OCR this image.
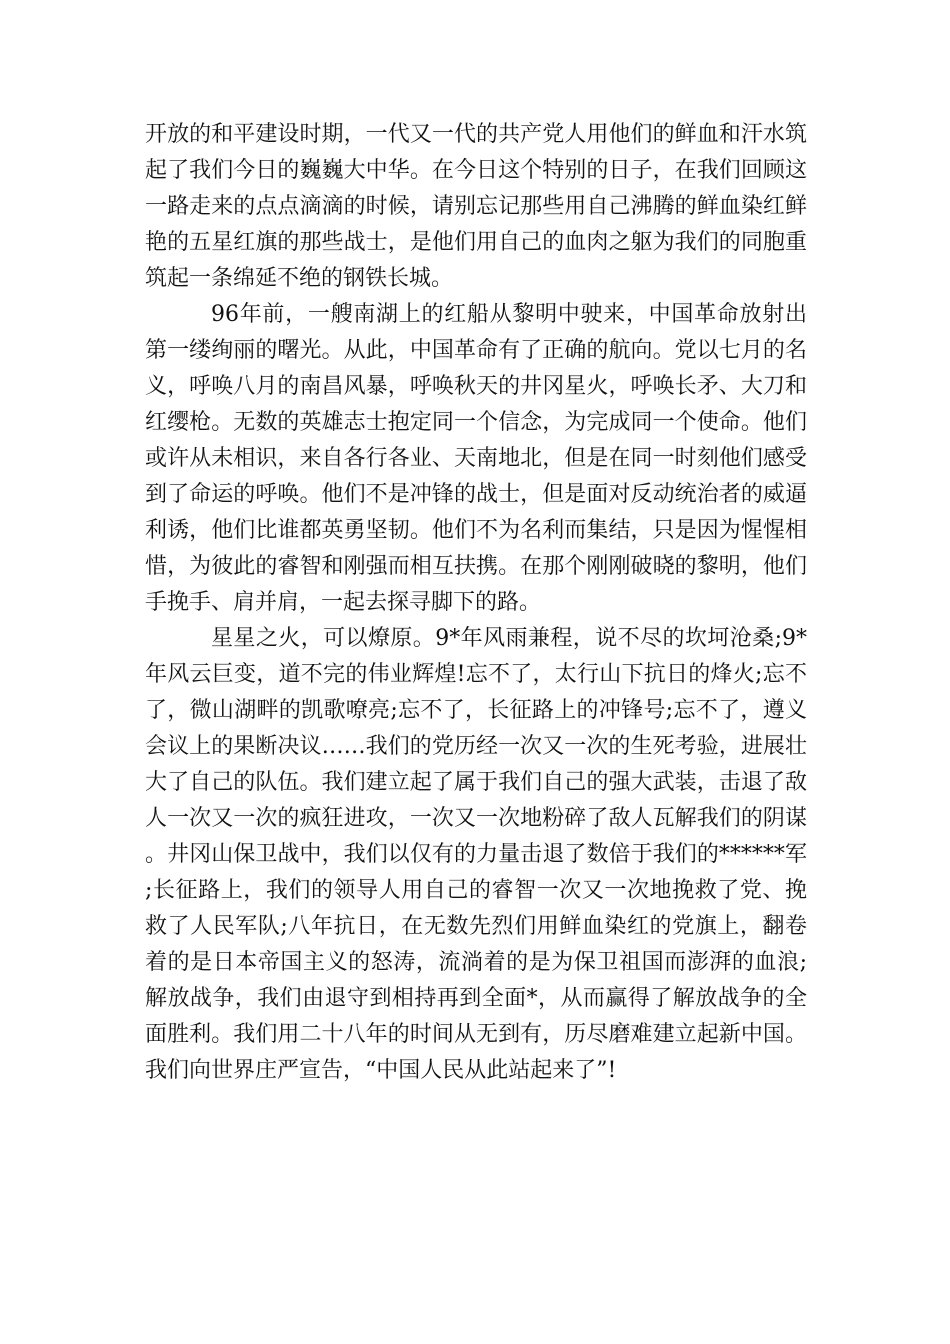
开放的和平建设时期，一代又一代的共产党人用他们的鲜血和汗水筑起了我们今日的巍巍大中华。在今日这个特别的日子，在我们回顾这一路走来的点点滴滴的时候，请别忘记那些用自己沸腾的鲜血染红鲜艳的五星红旗的那些战士，是他们用自己的血肉之躯为我们的同胞重筑起一条绵延不绝的钢铁长城。

96年前，一艘南湖上的红船从黎明中驶来，中国革命放射出第一缕绚丽的曙光。从此，中国革命有了正确的航向。党以七月的名义，呼唤八月的南昌风暴，呼唤秋天的井冈星火，呼唤长矛、大刀和红缨枪。无数的英雄志士抱定同一个信念，为完成同一个使命。他们或许从未相识，来自各行各业、天南地北，但是在同一时刻他们感受到了命运的呼唤。他们不是冲锋的战士，但是面对反动统治者的威逼利诱，他们比谁都英勇坚韧。他们不为名利而集结，只是因为惺惺相惜，为彼此的睿智和刚强而相互扶携。在那个刚刚破晓的黎明，他们手挽手、肩并肩，一起去探寻脚下的路。

星星之火，可以燎原。9*年风雨兼程，说不尽的坎坷沧桑;9*年风云巨变，道不完的伟业辉煌!忘不了，太行山下抗日的烽火;忘不了，微山湖畔的凯歌嘹亮;忘不了，长征路上的冲锋号;忘不了，遵义会议上的果断决议……我们的党历经一次又一次的生死考验，进展壮大了自己的队伍。我们建立起了属于我们自己的强大武装，击退了敌人一次又一次的疯狂进攻，一次又一次地粉碎了敌人瓦解我们的阴谋。井冈山保卫战中，我们以仅有的力量击退了数倍于我们的******军;长征路上，我们的领导人用自己的睿智一次又一次地挽救了党、挽救了人民军队;八年抗日，在无数先烈们用鲜血染红的党旗上，翻卷着的是日本帝国主义的怒涛，流淌着的是为保卫祖国而澎湃的血浪;解放战争，我们由退守到相持再到全面*，从而赢得了解放战争的全面胜利。我们用二十八年的时间从无到有，历尽磨难建立起新中国。我们向世界庄严宣告，“中国人民从此站起来了”!
